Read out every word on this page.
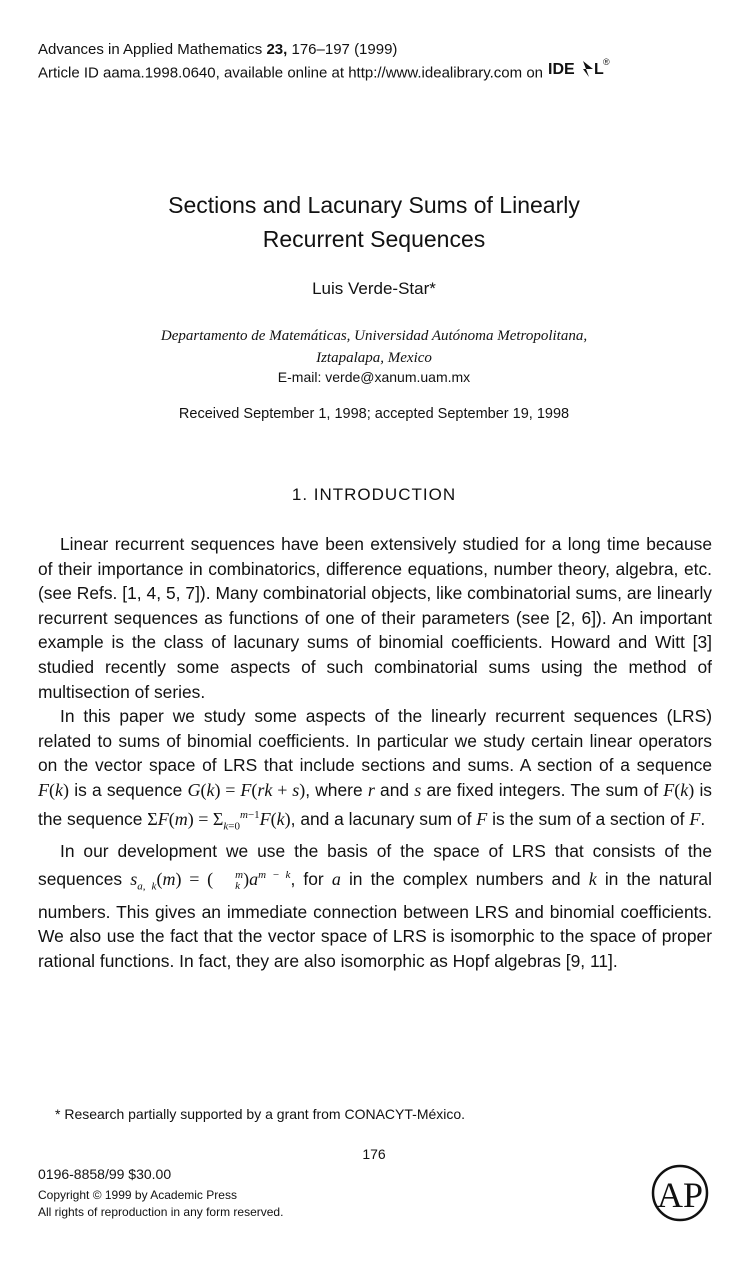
Advances in Applied Mathematics 23, 176–197 (1999)
Article ID aama.1998.0640, available online at http://www.idealibrary.com on IDE L ®
Sections and Lacunary Sums of Linearly
Recurrent Sequences
Luis Verde-Star*
Departamento de Matemáticas, Universidad Autónoma Metropolitana,
Iztapalapa, Mexico
E-mail: verde@xanum.uam.mx
Received September 1, 1998; accepted September 19, 1998
1. INTRODUCTION

Linear recurrent sequences have been extensively studied for a long time because of their importance in combinatorics, difference equations, number theory, algebra, etc. (see Refs. [1, 4, 5, 7]). Many combinatorial objects, like combinatorial sums, are linearly recurrent sequences as functions of one of their parameters (see [2, 6]). An important example is the class of lacunary sums of binomial coefficients. Howard and Witt [3] studied recently some aspects of such combinatorial sums using the method of multisection of series.

In this paper we study some aspects of the linearly recurrent sequences (LRS) related to sums of binomial coefficients. In particular we study certain linear operators on the vector space of LRS that include sections and sums. A section of a sequence F(k) is a sequence G(k) = F(rk + s), where r and s are fixed integers. The sum of F(k) is the sequence $\Sigma F(m) = \Sigma_{k=0}^{m-1}F(k)$, and a lacunary sum of F is the sum of a section of F.

In our development we use the basis of the space of LRS that consists of the sequences $s_{a, k}(m)$ = (	m
k )$a^{m - k}$, for a in the complex numbers and k in the natural numbers. This gives an immediate connection between LRS and binomial coefficients. We also use the fact that the vector space of LRS is isomorphic to the space of proper rational functions. In fact, they are also isomorphic as Hopf algebras [9, 11].

* Research partially supported by a grant from CONACYT-México.
176
0196-8858/99 $30.00
Copyright © 1999 by Academic Press
All rights of reproduction in any form reserved.	AP
